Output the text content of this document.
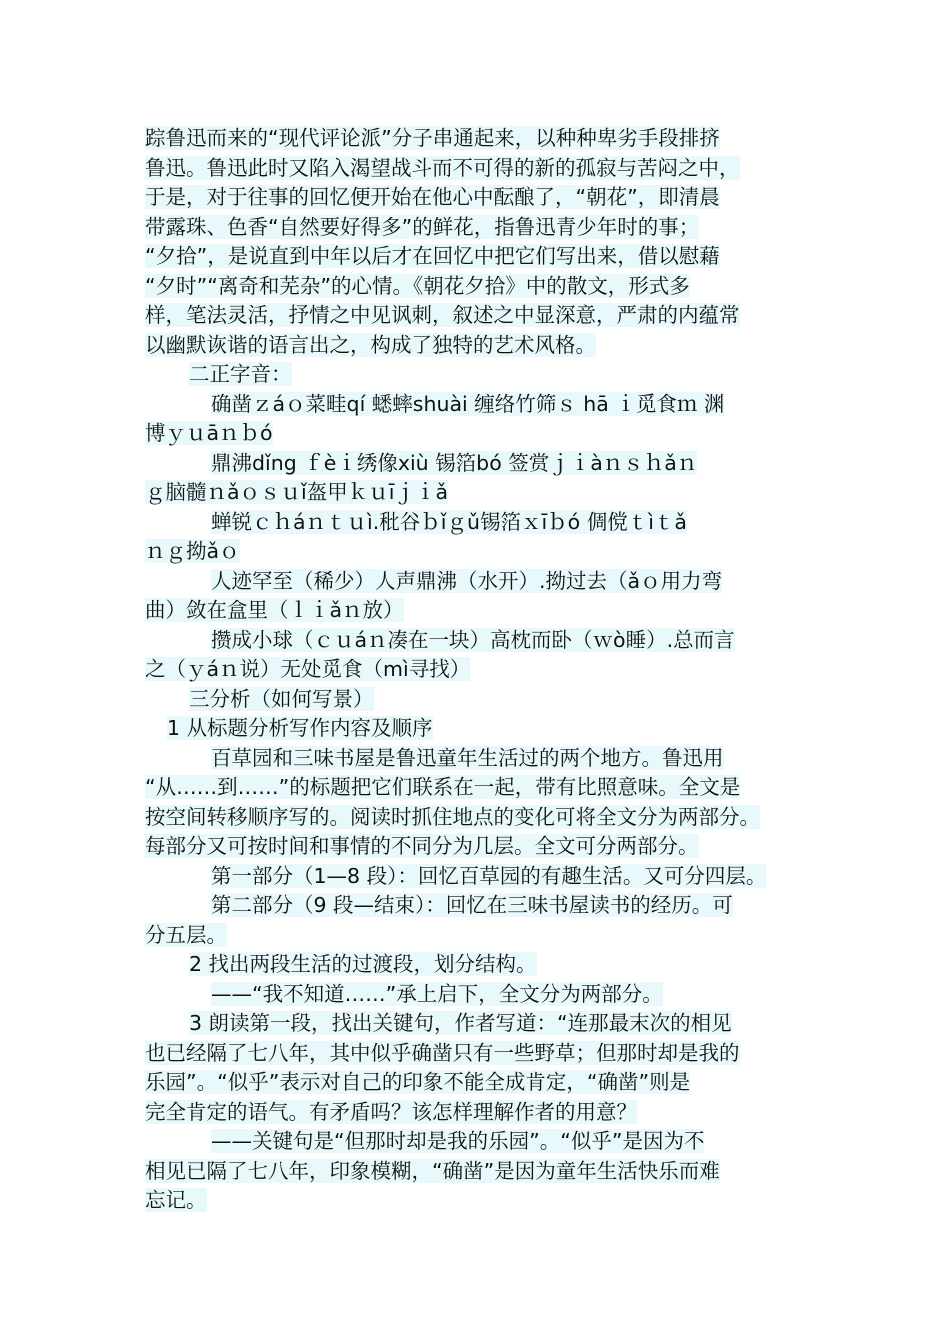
踪鲁迅而来的“现代评论派”分子串通起来，以种种卑劣手段排挤
鲁迅。鲁迅此时又陷入渴望战斗而不可得的新的孤寂与苦闷之中，
于是，对于往事的回忆便开始在他心中酝酿了，“朝花”，即清晨
带露珠、色香“自然要好得多”的鲜花，指鲁迅青少年时的事；
“夕拾”，是说直到中年以后才在回忆中把它们写出来，借以慰藉
“夕时”“离奇和芜杂”的心情。《朝花夕拾》中的散文，形式多
样，笔法灵活，抒情之中见讽刺，叙述之中显深意，严肃的内蕴常
以幽默诙谐的语言出之，构成了独特的艺术风格。
二正字音：
确凿ｚáｏ菜畦qí 蟋蟀shuài 缠络竹筛ｓ hā ｉ觅食ｍ 渊
博ｙｕāｎｂó
鼎沸dǐng ｆèｉ绣像xiù 锡箔bó 签赏ｊｉàｎｓｈǎｎ
ｇ脑髓ｎǎｏｓｕǐ盔甲ｋｕīｊｉǎ
蝉锐ｃｈáｎｔｕì.秕谷ｂǐｇǔ锡箔ｘīｂó 倜傥ｔìｔǎ
ｎｇ拗ǎｏ
人迹罕至（稀少）人声鼎沸（水开）.拗过去（ǎｏ用力弯
曲）敛在盒里（ｌｉǎｎ放）
攒成小球（ｃｕáｎ凑在一块）高枕而卧（ｗò睡）.总而言
之（ｙáｎ说）无处觅食（mì寻找）
三分析（如何写景）
1 从标题分析写作内容及顺序
百草园和三味书屋是鲁迅童年生活过的两个地方。鲁迅用
“从……到……”的标题把它们联系在一起，带有比照意味。全文是
按空间转移顺序写的。阅读时抓住地点的变化可将全文分为两部分。
每部分又可按时间和事情的不同分为几层。全文可分两部分。
第一部分（1—8 段）：回忆百草园的有趣生活。又可分四层。
第二部分（9 段—结束）：回忆在三味书屋读书的经历。可
分五层。
2 找出两段生活的过渡段，划分结构。
——“我不知道……”承上启下，全文分为两部分。
3 朗读第一段，找出关键句，作者写道：“连那最末次的相见
也已经隔了七八年，其中似乎确凿只有一些野草；但那时却是我的
乐园”。“似乎”表示对自己的印象不能全成肯定，“确凿”则是
完全肯定的语气。有矛盾吗？该怎样理解作者的用意？
——关键句是“但那时却是我的乐园”。“似乎”是因为不
相见已隔了七八年，印象模糊，“确凿”是因为童年生活快乐而难
忘记。
